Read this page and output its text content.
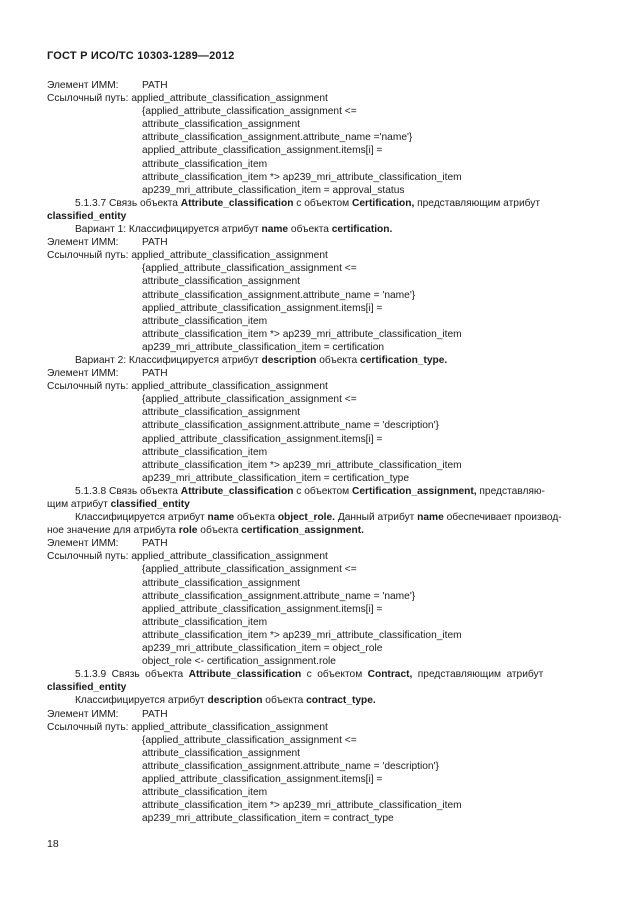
ГОСТ Р ИСО/ТС 10303-1289—2012
Элемент ИММ: PATH
Ссылочный путь: applied_attribute_classification_assignment
{applied_attribute_classification_assignment <=
attribute_classification_assignment
attribute_classification_assignment.attribute_name ='name'}
applied_attribute_classification_assignment.items[i] =
attribute_classification_item
attribute_classification_item *> ap239_mri_attribute_classification_item
ap239_mri_attribute_classification_item = approval_status
5.1.3.7 Связь объекта Attribute_classification с объектом Certification, представляющим атрибут
classified_entity
Вариант 1: Классифицируется атрибут name объекта certification.
Элемент ИММ: PATH
Ссылочный путь: applied_attribute_classification_assignment
{applied_attribute_classification_assignment <=
attribute_classification_assignment
attribute_classification_assignment.attribute_name = 'name'}
applied_attribute_classification_assignment.items[i] =
attribute_classification_item
attribute_classification_item *> ap239_mri_attribute_classification_item
ap239_mri_attribute_classification_item = certification
Вариант 2: Классифицируется атрибут description объекта certification_type.
Элемент ИММ: PATH
Ссылочный путь: applied_attribute_classification_assignment
{applied_attribute_classification_assignment <=
attribute_classification_assignment
attribute_classification_assignment.attribute_name = 'description'}
applied_attribute_classification_assignment.items[i] =
attribute_classification_item
attribute_classification_item *> ap239_mri_attribute_classification_item
ap239_mri_attribute_classification_item = certification_type
5.1.3.8 Связь объекта Attribute_classification с объектом Certification_assignment, представляю-
щим атрибут classified_entity
Классифицируется атрибут name объекта object_role. Данный атрибут name обеспечивает производ-
ное значение для атрибута role объекта certification_assignment.
Элемент ИММ: PATH
Ссылочный путь: applied_attribute_classification_assignment
{applied_attribute_classification_assignment <=
attribute_classification_assignment
attribute_classification_assignment.attribute_name = 'name'}
applied_attribute_classification_assignment.items[i] =
attribute_classification_item
attribute_classification_item *> ap239_mri_attribute_classification_item
ap239_mri_attribute_classification_item = object_role
object_role <- certification_assignment.role
5.1.3.9 Связь объекта Attribute_classification с объектом Contract, представляющим атрибут
classified_entity
Классифицируется атрибут description объекта contract_type.
Элемент ИММ: PATH
Ссылочный путь: applied_attribute_classification_assignment
{applied_attribute_classification_assignment <=
attribute_classification_assignment
attribute_classification_assignment.attribute_name = 'description'}
applied_attribute_classification_assignment.items[i] =
attribute_classification_item
attribute_classification_item *> ap239_mri_attribute_classification_item
ap239_mri_attribute_classification_item = contract_type
18
